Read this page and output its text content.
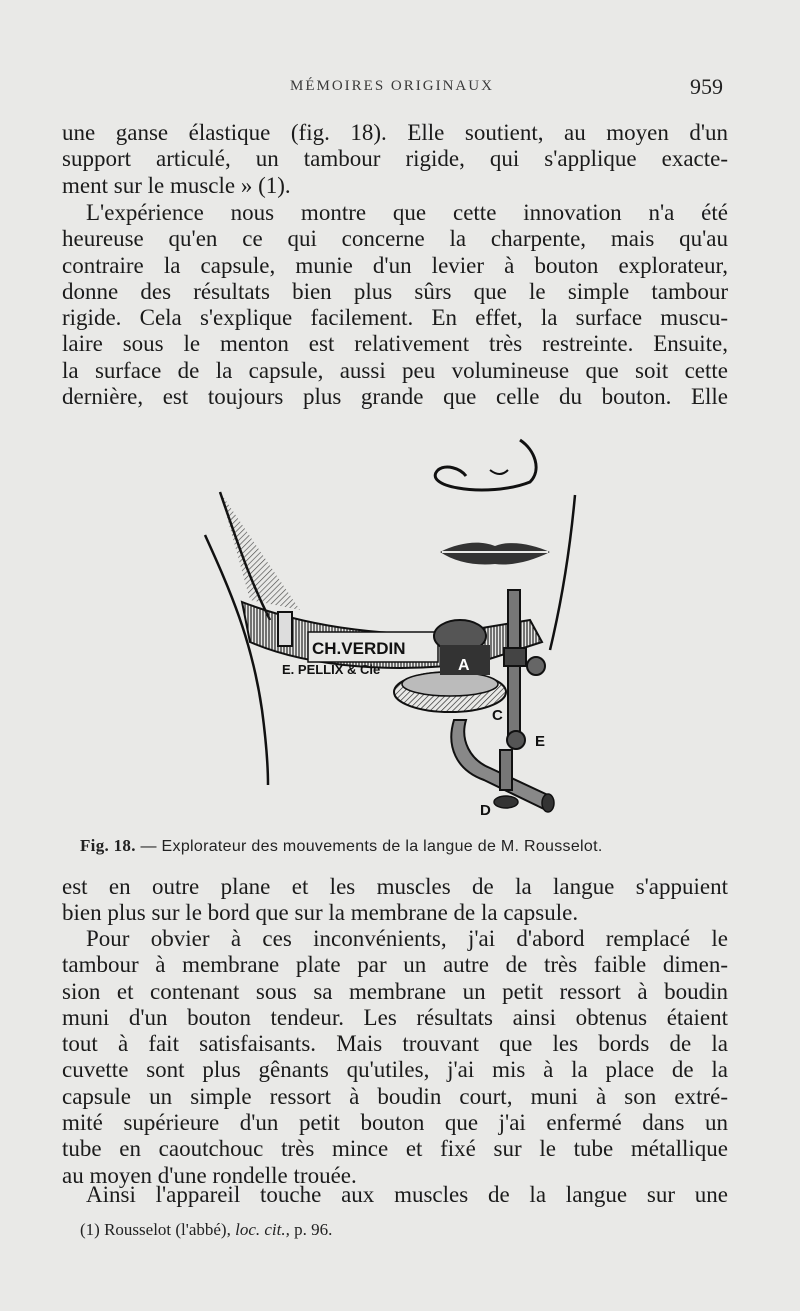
MÉMOIRES ORIGINAUX	959
une ganse élastique (fig. 18). Elle soutient, au moyen d'un
support articulé, un tambour rigide, qui s'applique exacte-
ment sur le muscle » (1).
L'expérience nous montre que cette innovation n'a été
heureuse qu'en ce qui concerne la charpente, mais qu'au
contraire la capsule, munie d'un levier à bouton explorateur,
donne des résultats bien plus sûrs que le simple tambour
rigide. Cela s'explique facilement. En effet, la surface muscu-
laire sous le menton est relativement très restreinte. Ensuite,
la surface de la capsule, aussi peu volumineuse que soit cette
dernière, est toujours plus grande que celle du bouton. Elle
CH.VERDIN
E. PELLIX & Cie	A
C
E
D
Fig. 18. — Explorateur des mouvements de la langue de M. Rousselot.
est en outre plane et les muscles de la langue s'appuient
bien plus sur le bord que sur la membrane de la capsule.
Pour obvier à ces inconvénients, j'ai d'abord remplacé le
tambour à membrane plate par un autre de très faible dimen-
sion et contenant sous sa membrane un petit ressort à boudin
muni d'un bouton tendeur. Les résultats ainsi obtenus étaient
tout à fait satisfaisants. Mais trouvant que les bords de la
cuvette sont plus gênants qu'utiles, j'ai mis à la place de la
capsule un simple ressort à boudin court, muni à son extré-
mité supérieure d'un petit bouton que j'ai enfermé dans un
tube en caoutchouc très mince et fixé sur le tube métallique
au moyen d'une rondelle trouée.
Ainsi l'appareil touche aux muscles de la langue sur une
(1) Rousselot (l'abbé), loc. cit., p. 96.
